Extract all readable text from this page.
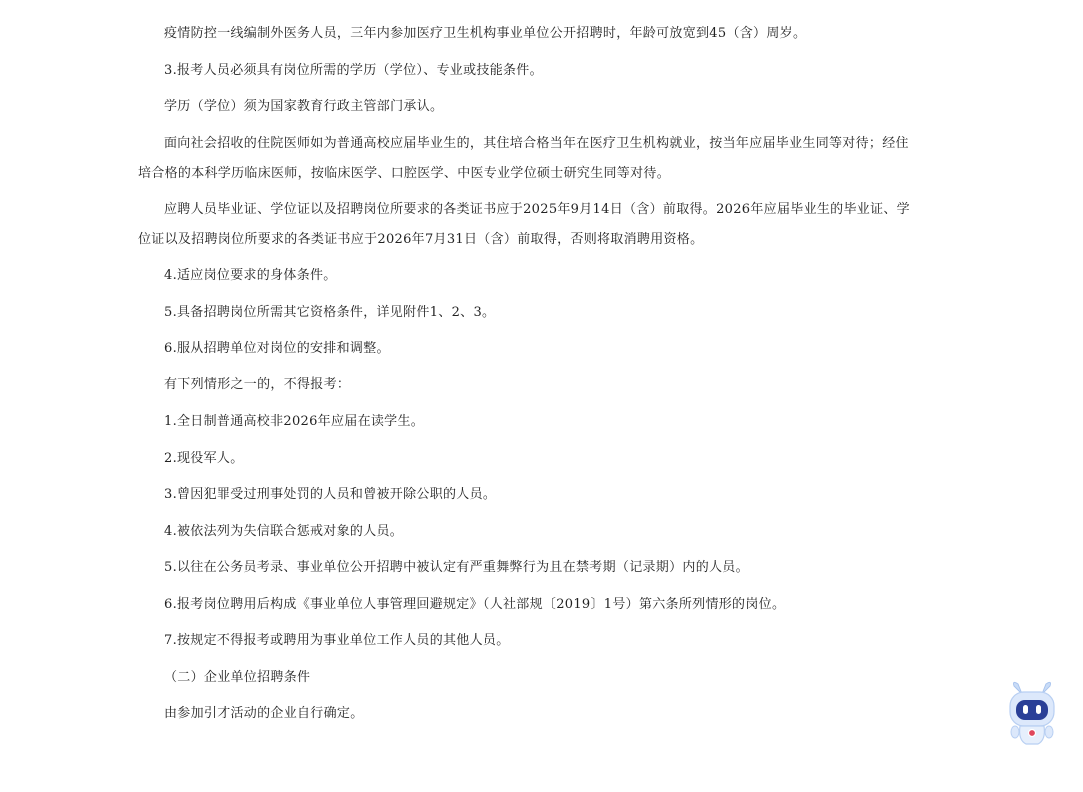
疫情防控一线编制外医务人员，三年内参加医疗卫生机构事业单位公开招聘时，年龄可放宽到45（含）周岁。

3.报考人员必须具有岗位所需的学历（学位）、专业或技能条件。

学历（学位）须为国家教育行政主管部门承认。

面向社会招收的住院医师如为普通高校应届毕业生的，其住培合格当年在医疗卫生机构就业，按当年应届毕业生同等对待；经住培合格的本科学历临床医师，按临床医学、口腔医学、中医专业学位硕士研究生同等对待。

应聘人员毕业证、学位证以及招聘岗位所要求的各类证书应于2025年9月14日（含）前取得。2026年应届毕业生的毕业证、学位证以及招聘岗位所要求的各类证书应于2026年7月31日（含）前取得，否则将取消聘用资格。

4.适应岗位要求的身体条件。

5.具备招聘岗位所需其它资格条件，详见附件1、2、3。

6.服从招聘单位对岗位的安排和调整。

有下列情形之一的，不得报考：

1.全日制普通高校非2026年应届在读学生。

2.现役军人。

3.曾因犯罪受过刑事处罚的人员和曾被开除公职的人员。

4.被依法列为失信联合惩戒对象的人员。

5.以往在公务员考录、事业单位公开招聘中被认定有严重舞弊行为且在禁考期（记录期）内的人员。

6.报考岗位聘用后构成《事业单位人事管理回避规定》（人社部规〔2019〕1号）第六条所列情形的岗位。

7.按规定不得报考或聘用为事业单位工作人员的其他人员。

（二）企业单位招聘条件

由参加引才活动的企业自行确定。
